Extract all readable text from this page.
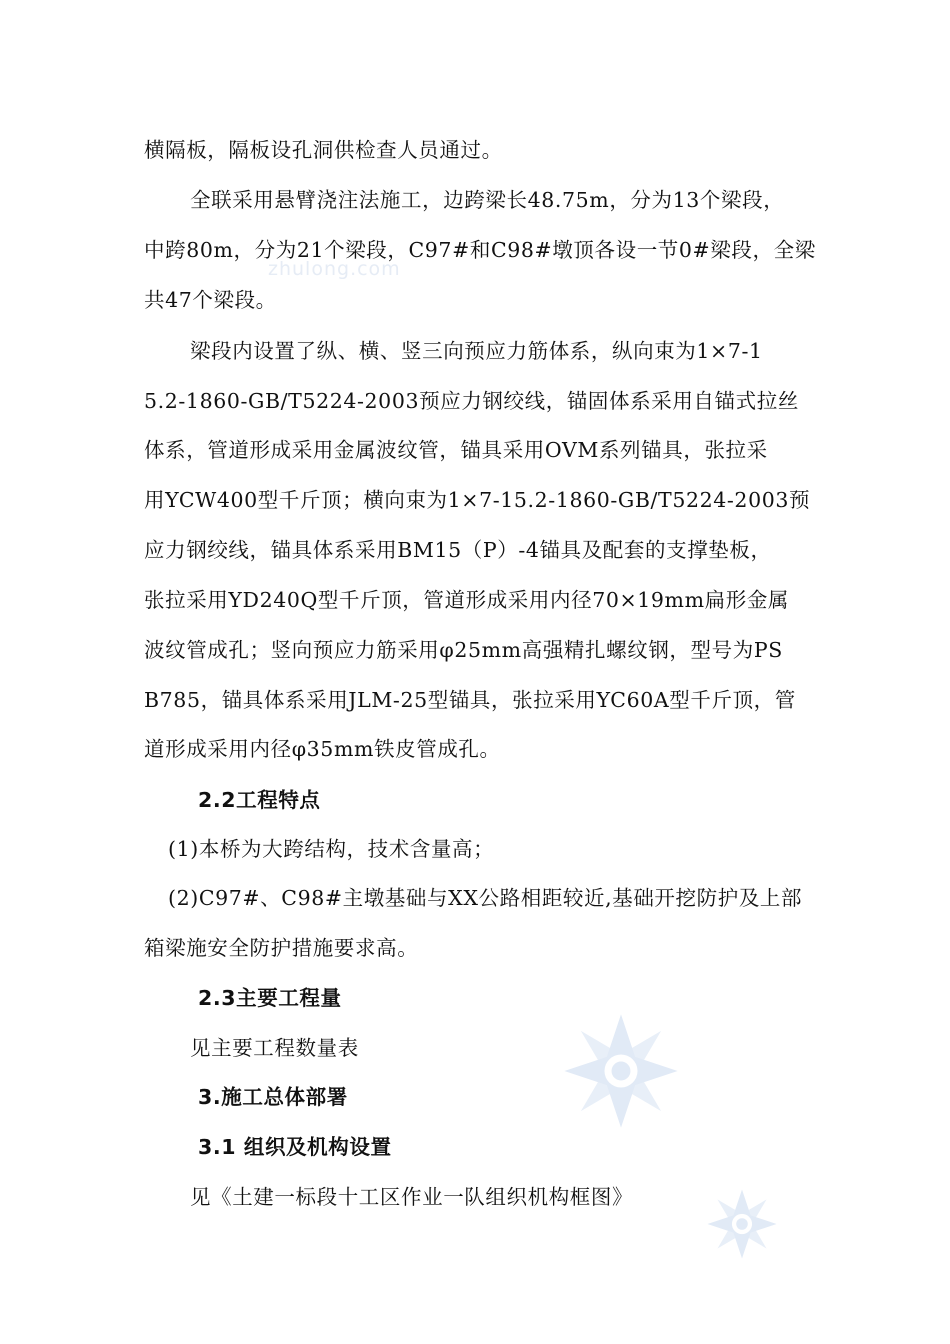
zhulong.com
横隔板，隔板设孔洞供检查人员通过。
全联采用悬臂浇注法施工，边跨梁长48.75m，分为13个梁段，
中跨80m，分为21个梁段，C97#和C98#墩顶各设一节0#梁段，全梁
共47个梁段。
梁段内设置了纵、横、竖三向预应力筋体系，纵向束为1×7-1
5.2-1860-GB/T5224-2003预应力钢绞线，锚固体系采用自锚式拉丝
体系，管道形成采用金属波纹管，锚具采用OVM系列锚具，张拉采
用YCW400型千斤顶；横向束为1×7-15.2-1860-GB/T5224-2003预
应力钢绞线，锚具体系采用BM15（P）-4锚具及配套的支撑垫板，
张拉采用YD240Q型千斤顶，管道形成采用内径70×19mm扁形金属
波纹管成孔；竖向预应力筋采用φ25mm高强精扎螺纹钢，型号为PS
B785，锚具体系采用JLM-25型锚具，张拉采用YC60A型千斤顶，管
道形成采用内径φ35mm铁皮管成孔。
2.2工程特点
(1)本桥为大跨结构，技术含量高；
(2)C97#、C98#主墩基础与XX公路相距较近,基础开挖防护及上部
箱梁施安全防护措施要求高。
2.3主要工程量
见主要工程数量表
3.施工总体部署
3.1 组织及机构设置
见《土建一标段十工区作业一队组织机构框图》
